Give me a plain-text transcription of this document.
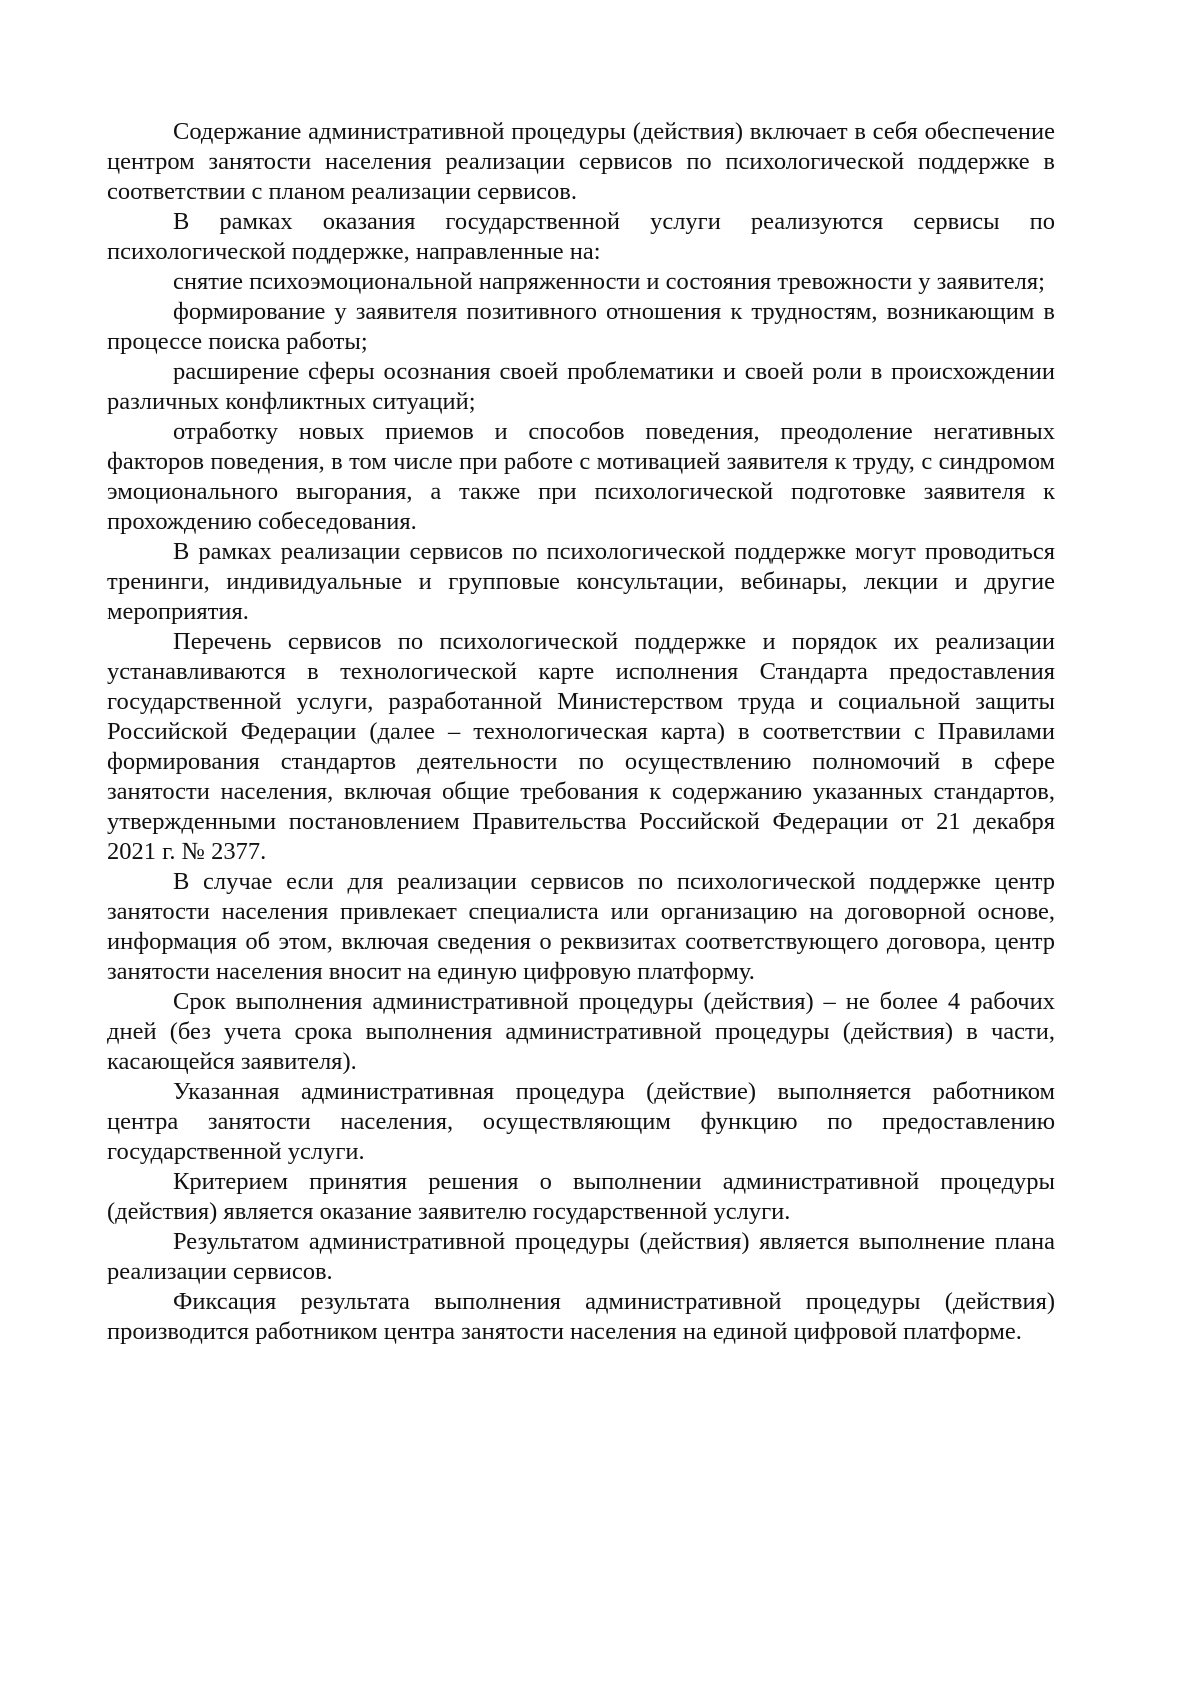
Содержание административной процедуры (действия) включает в себя обеспечение центром занятости населения реализации сервисов по психологической поддержке в соответствии с планом реализации сервисов.

В рамках оказания государственной услуги реализуются сервисы по психологической поддержке, направленные на:

снятие психоэмоциональной напряженности и состояния тревожности у заявителя;

формирование у заявителя позитивного отношения к трудностям, возникающим в процессе поиска работы;

расширение сферы осознания своей проблематики и своей роли в происхождении различных конфликтных ситуаций;

отработку новых приемов и способов поведения, преодоление негативных факторов поведения, в том числе при работе с мотивацией заявителя к труду, с синдромом эмоционального выгорания, а также при психологической подготовке заявителя к прохождению собеседования.

В рамках реализации сервисов по психологической поддержке могут проводиться тренинги, индивидуальные и групповые консультации, вебинары, лекции и другие мероприятия.

Перечень сервисов по психологической поддержке и порядок их реализации устанавливаются в технологической карте исполнения Стандарта предоставления государственной услуги, разработанной Министерством труда и социальной защиты Российской Федерации (далее – технологическая карта) в соответствии с Правилами формирования стандартов деятельности по осуществлению полномочий в сфере занятости населения, включая общие требования к содержанию указанных стандартов, утвержденными постановлением Правительства Российской Федерации от 21 декабря 2021 г. № 2377.

В случае если для реализации сервисов по психологической поддержке центр занятости населения привлекает специалиста или организацию на договорной основе, информация об этом, включая сведения о реквизитах соответствующего договора, центр занятости населения вносит на единую цифровую платформу.

Срок выполнения административной процедуры (действия) – не более 4 рабочих дней (без учета срока выполнения административной процедуры (действия) в части, касающейся заявителя).

Указанная административная процедура (действие) выполняется работником центра занятости населения, осуществляющим функцию по предоставлению государственной услуги.

Критерием принятия решения о выполнении административной процедуры (действия) является оказание заявителю государственной услуги.

Результатом административной процедуры (действия) является выполнение плана реализации сервисов.

Фиксация результата выполнения административной процедуры (действия) производится работником центра занятости населения на единой цифровой платформе.
